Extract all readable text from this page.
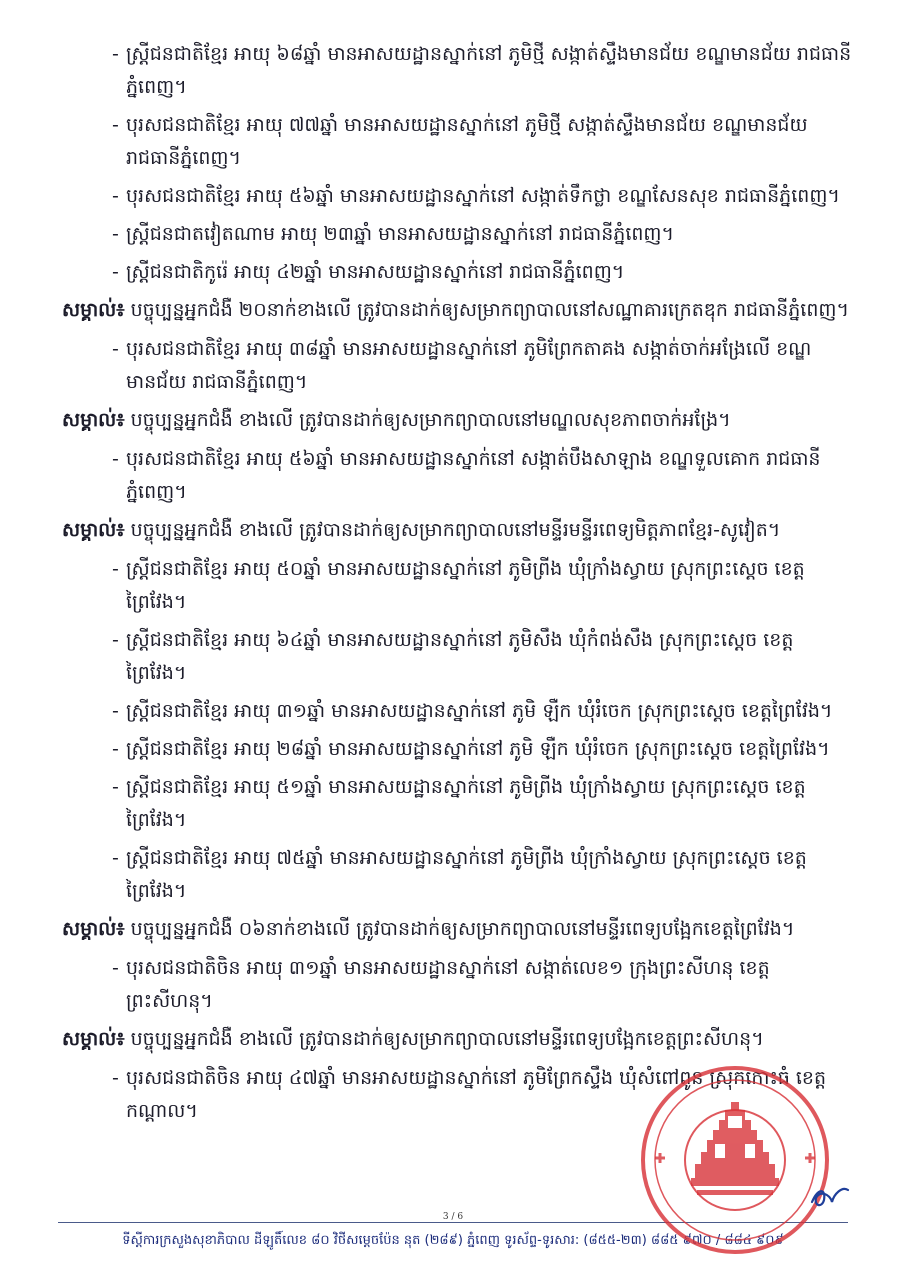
- ស្ត្រីជនជាតិខ្មែរ អាយុ ៦៨ឆ្នាំ មានអាសយដ្ឋានស្នាក់នៅ ភូមិថ្មី សង្កាត់ស្ទឹងមានជ័យ ខណ្ឌមានជ័យ រាជធានីភ្នំពេញ។
- បុរសជនជាតិខ្មែរ អាយុ ៧៧ឆ្នាំ មានអាសយដ្ឋានស្នាក់នៅ ភូមិថ្មី សង្កាត់ស្ទឹងមានជ័យ ខណ្ឌមានជ័យ រាជធានីភ្នំពេញ។
- បុរសជនជាតិខ្មែរ អាយុ ៥៦ឆ្នាំ មានអាសយដ្ឋានស្នាក់នៅ សង្កាត់ទឹកថ្លា ខណ្ឌសែនសុខ រាជធានីភ្នំពេញ។
- ស្ត្រីជនជាតវៀតណាម អាយុ ២៣ឆ្នាំ មានអាសយដ្ឋានស្នាក់នៅ រាជធានីភ្នំពេញ។
- ស្ត្រីជនជាតិកូរ៉េ អាយុ ៤២ឆ្នាំ មានអាសយដ្ឋានស្នាក់នៅ រាជធានីភ្នំពេញ។
សម្គាល់៖ បច្ចុប្បន្នអ្នកជំងឺ ២០នាក់ខាងលើ ត្រូវបានដាក់ឲ្យសម្រាកព្យាបាលនៅសណ្ឋាគារក្រេតឌុក រាជធានីភ្នំពេញ។
- បុរសជនជាតិខ្មែរ អាយុ ៣៨ឆ្នាំ មានអាសយដ្ឋានស្នាក់នៅ ភូមិព្រែកតាគង សង្កាត់ចាក់អង្រែលើ ខណ្ឌមានជ័យ រាជធានីភ្នំពេញ។
សម្គាល់៖ បច្ចុប្បន្នអ្នកជំងឺ ខាងលើ ត្រូវបានដាក់ឲ្យសម្រាកព្យាបាលនៅមណ្ឌលសុខភាពចាក់អង្រែ។
- បុរសជនជាតិខ្មែរ អាយុ ៥៦ឆ្នាំ មានអាសយដ្ឋានស្នាក់នៅ សង្កាត់បឹងសាឡាង ខណ្ឌទួលគោក រាជធានីភ្នំពេញ។
សម្គាល់៖ បច្ចុប្បន្នអ្នកជំងឺ ខាងលើ ត្រូវបានដាក់ឲ្យសម្រាកព្យាបាលនៅមន្ទីរមន្ទីរពេទ្យមិត្តភាពខ្មែរ-សូវៀត។
- ស្ត្រីជនជាតិខ្មែរ អាយុ ៥០ឆ្នាំ មានអាសយដ្ឋានស្នាក់នៅ ភូមិព្រីង ឃុំក្រាំងស្វាយ ស្រុកព្រះស្ដេច ខេត្តព្រៃវែង។
- ស្ត្រីជនជាតិខ្មែរ អាយុ ៦៤ឆ្នាំ មានអាសយដ្ឋានស្នាក់នៅ ភូមិសឹង ឃុំកំពង់សឹង ស្រុកព្រះស្ដេច ខេត្តព្រៃវែង។
- ស្ត្រីជនជាតិខ្មែរ អាយុ ៣១ឆ្នាំ មានអាសយដ្ឋានស្នាក់នៅ ភូមិ ឡឺក ឃុំរំចេក ស្រុកព្រះស្ដេច ខេត្តព្រៃវែង។
- ស្ត្រីជនជាតិខ្មែរ អាយុ ២៨ឆ្នាំ មានអាសយដ្ឋានស្នាក់នៅ ភូមិ ឡឺក ឃុំរំចេក ស្រុកព្រះស្ដេច ខេត្តព្រៃវែង។
- ស្ត្រីជនជាតិខ្មែរ អាយុ ៥១ឆ្នាំ មានអាសយដ្ឋានស្នាក់នៅ ភូមិព្រីង ឃុំក្រាំងស្វាយ ស្រុកព្រះស្ដេច ខេត្តព្រៃវែង។
- ស្ត្រីជនជាតិខ្មែរ អាយុ ៧៥ឆ្នាំ មានអាសយដ្ឋានស្នាក់នៅ ភូមិព្រីង ឃុំក្រាំងស្វាយ ស្រុកព្រះស្ដេច ខេត្តព្រៃវែង។
សម្គាល់៖ បច្ចុប្បន្នអ្នកជំងឺ ០៦នាក់ខាងលើ ត្រូវបានដាក់ឲ្យសម្រាកព្យាបាលនៅមន្ទីរពេទ្យបង្អែកខេត្តព្រៃវែង។
- បុរសជនជាតិចិន អាយុ ៣១ឆ្នាំ មានអាសយដ្ឋានស្នាក់នៅ សង្កាត់លេខ១ ក្រុងព្រះសីហនុ ខេត្តព្រះសីហនុ។
សម្គាល់៖ បច្ចុប្បន្នអ្នកជំងឺ ខាងលើ ត្រូវបានដាក់ឲ្យសម្រាកព្យាបាលនៅមន្ទីរពេទ្យបង្អែកខេត្តព្រះសីហនុ។
- បុរសជនជាតិចិន អាយុ ៤៧ឆ្នាំ មានអាសយដ្ឋានស្នាក់នៅ ភូមិព្រែកស្ទឹង ឃុំសំពៅពូន ស្រុកកោះធំ ខេត្តកណ្ដាល។
3 / 6
ទីស្តីការក្រសួងសុខាភិបាល ដីឡូតិ៍លេខ ៨០ វិថីសម្តេចប៉ែន នុត (២៨៩) ភ្នំពេញ ទូរស័ព្ទ-ទូរសារ: (៨៥៥-២៣) ៨៨៥ ៩៧០ / ៨៨៤ ៩០៩
